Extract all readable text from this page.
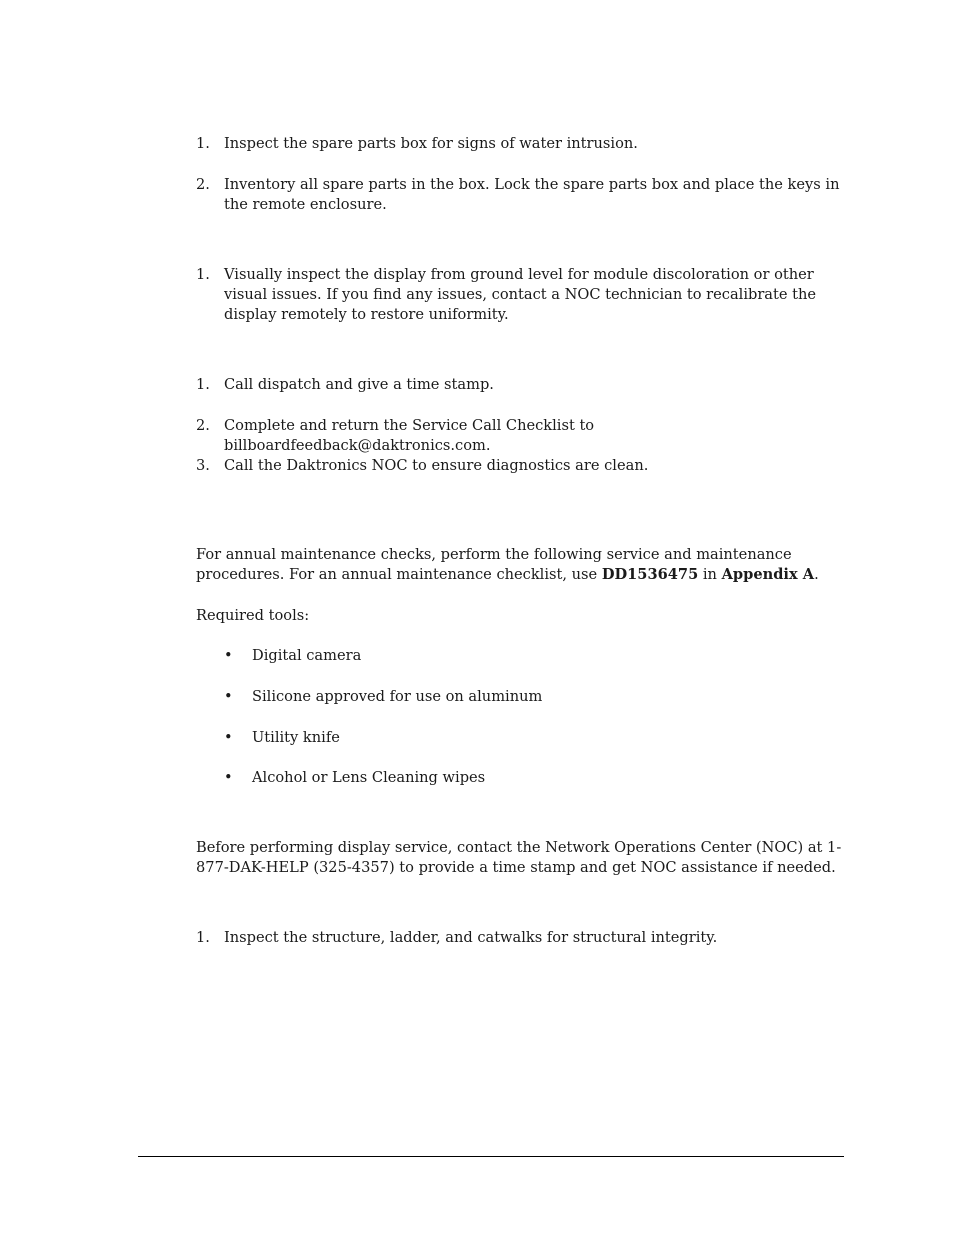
1. Inspect the spare parts box for signs of water intrusion.
2. Inventory all spare parts in the box. Lock the spare parts box and place the keys in the remote enclosure.
1. Visually inspect the display from ground level for module discoloration or other visual issues. If you find any issues, contact a NOC technician to recalibrate the display remotely to restore uniformity.
1. Call dispatch and give a time stamp.
2. Complete and return the Service Call Checklist to billboardfeedback@daktronics.com.
3. Call the Daktronics NOC to ensure diagnostics are clean.
For annual maintenance checks, perform the following service and maintenance procedures. For an annual maintenance checklist, use DD1536475 in Appendix A.
Required tools:
• Digital camera
• Silicone approved for use on aluminum
• Utility knife
• Alcohol or Lens Cleaning wipes
Before performing display service, contact the Network Operations Center (NOC) at 1-877-DAK-HELP (325-4357) to provide a time stamp and get NOC assistance if needed.
1. Inspect the structure, ladder, and catwalks for structural integrity.
